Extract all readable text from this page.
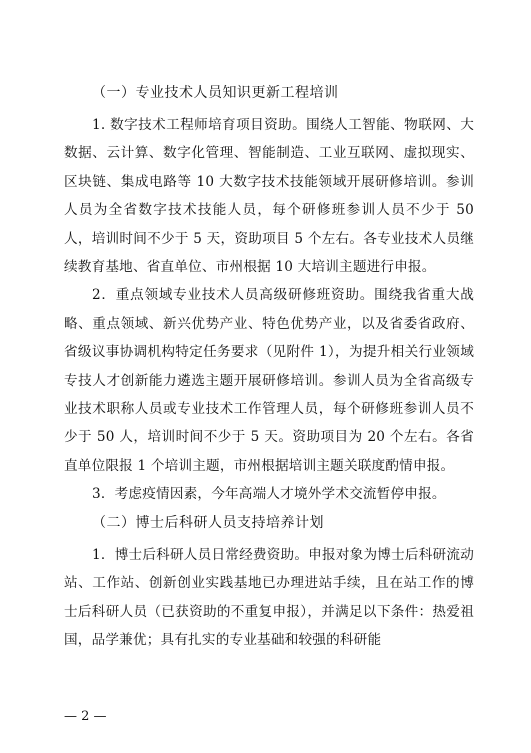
（一）专业技术人员知识更新工程培训

1. 数字技术工程师培育项目资助。围绕人工智能、物联网、大数据、云计算、数字化管理、智能制造、工业互联网、虚拟现实、区块链、集成电路等 10 大数字技术技能领域开展研修培训。参训人员为全省数字技术技能人员，每个研修班参训人员不少于 50 人，培训时间不少于 5 天，资助项目 5 个左右。各专业技术人员继续教育基地、省直单位、市州根据 10 大培训主题进行申报。

2．重点领域专业技术人员高级研修班资助。围绕我省重大战略、重点领域、新兴优势产业、特色优势产业，以及省委省政府、省级议事协调机构特定任务要求（见附件 1），为提升相关行业领域专技人才创新能力遴选主题开展研修培训。参训人员为全省高级专业技术职称人员或专业技术工作管理人员，每个研修班参训人员不少于 50 人，培训时间不少于 5 天。资助项目为 20 个左右。各省直单位限报 1 个培训主题，市州根据培训主题关联度酌情申报。

3．考虑疫情因素，今年高端人才境外学术交流暂停申报。

（二）博士后科研人员支持培养计划

1．博士后科研人员日常经费资助。申报对象为博士后科研流动站、工作站、创新创业实践基地已办理进站手续，且在站工作的博士后科研人员（已获资助的不重复申报），并满足以下条件：热爱祖国，品学兼优；具有扎实的专业基础和较强的科研能

— 2 —
